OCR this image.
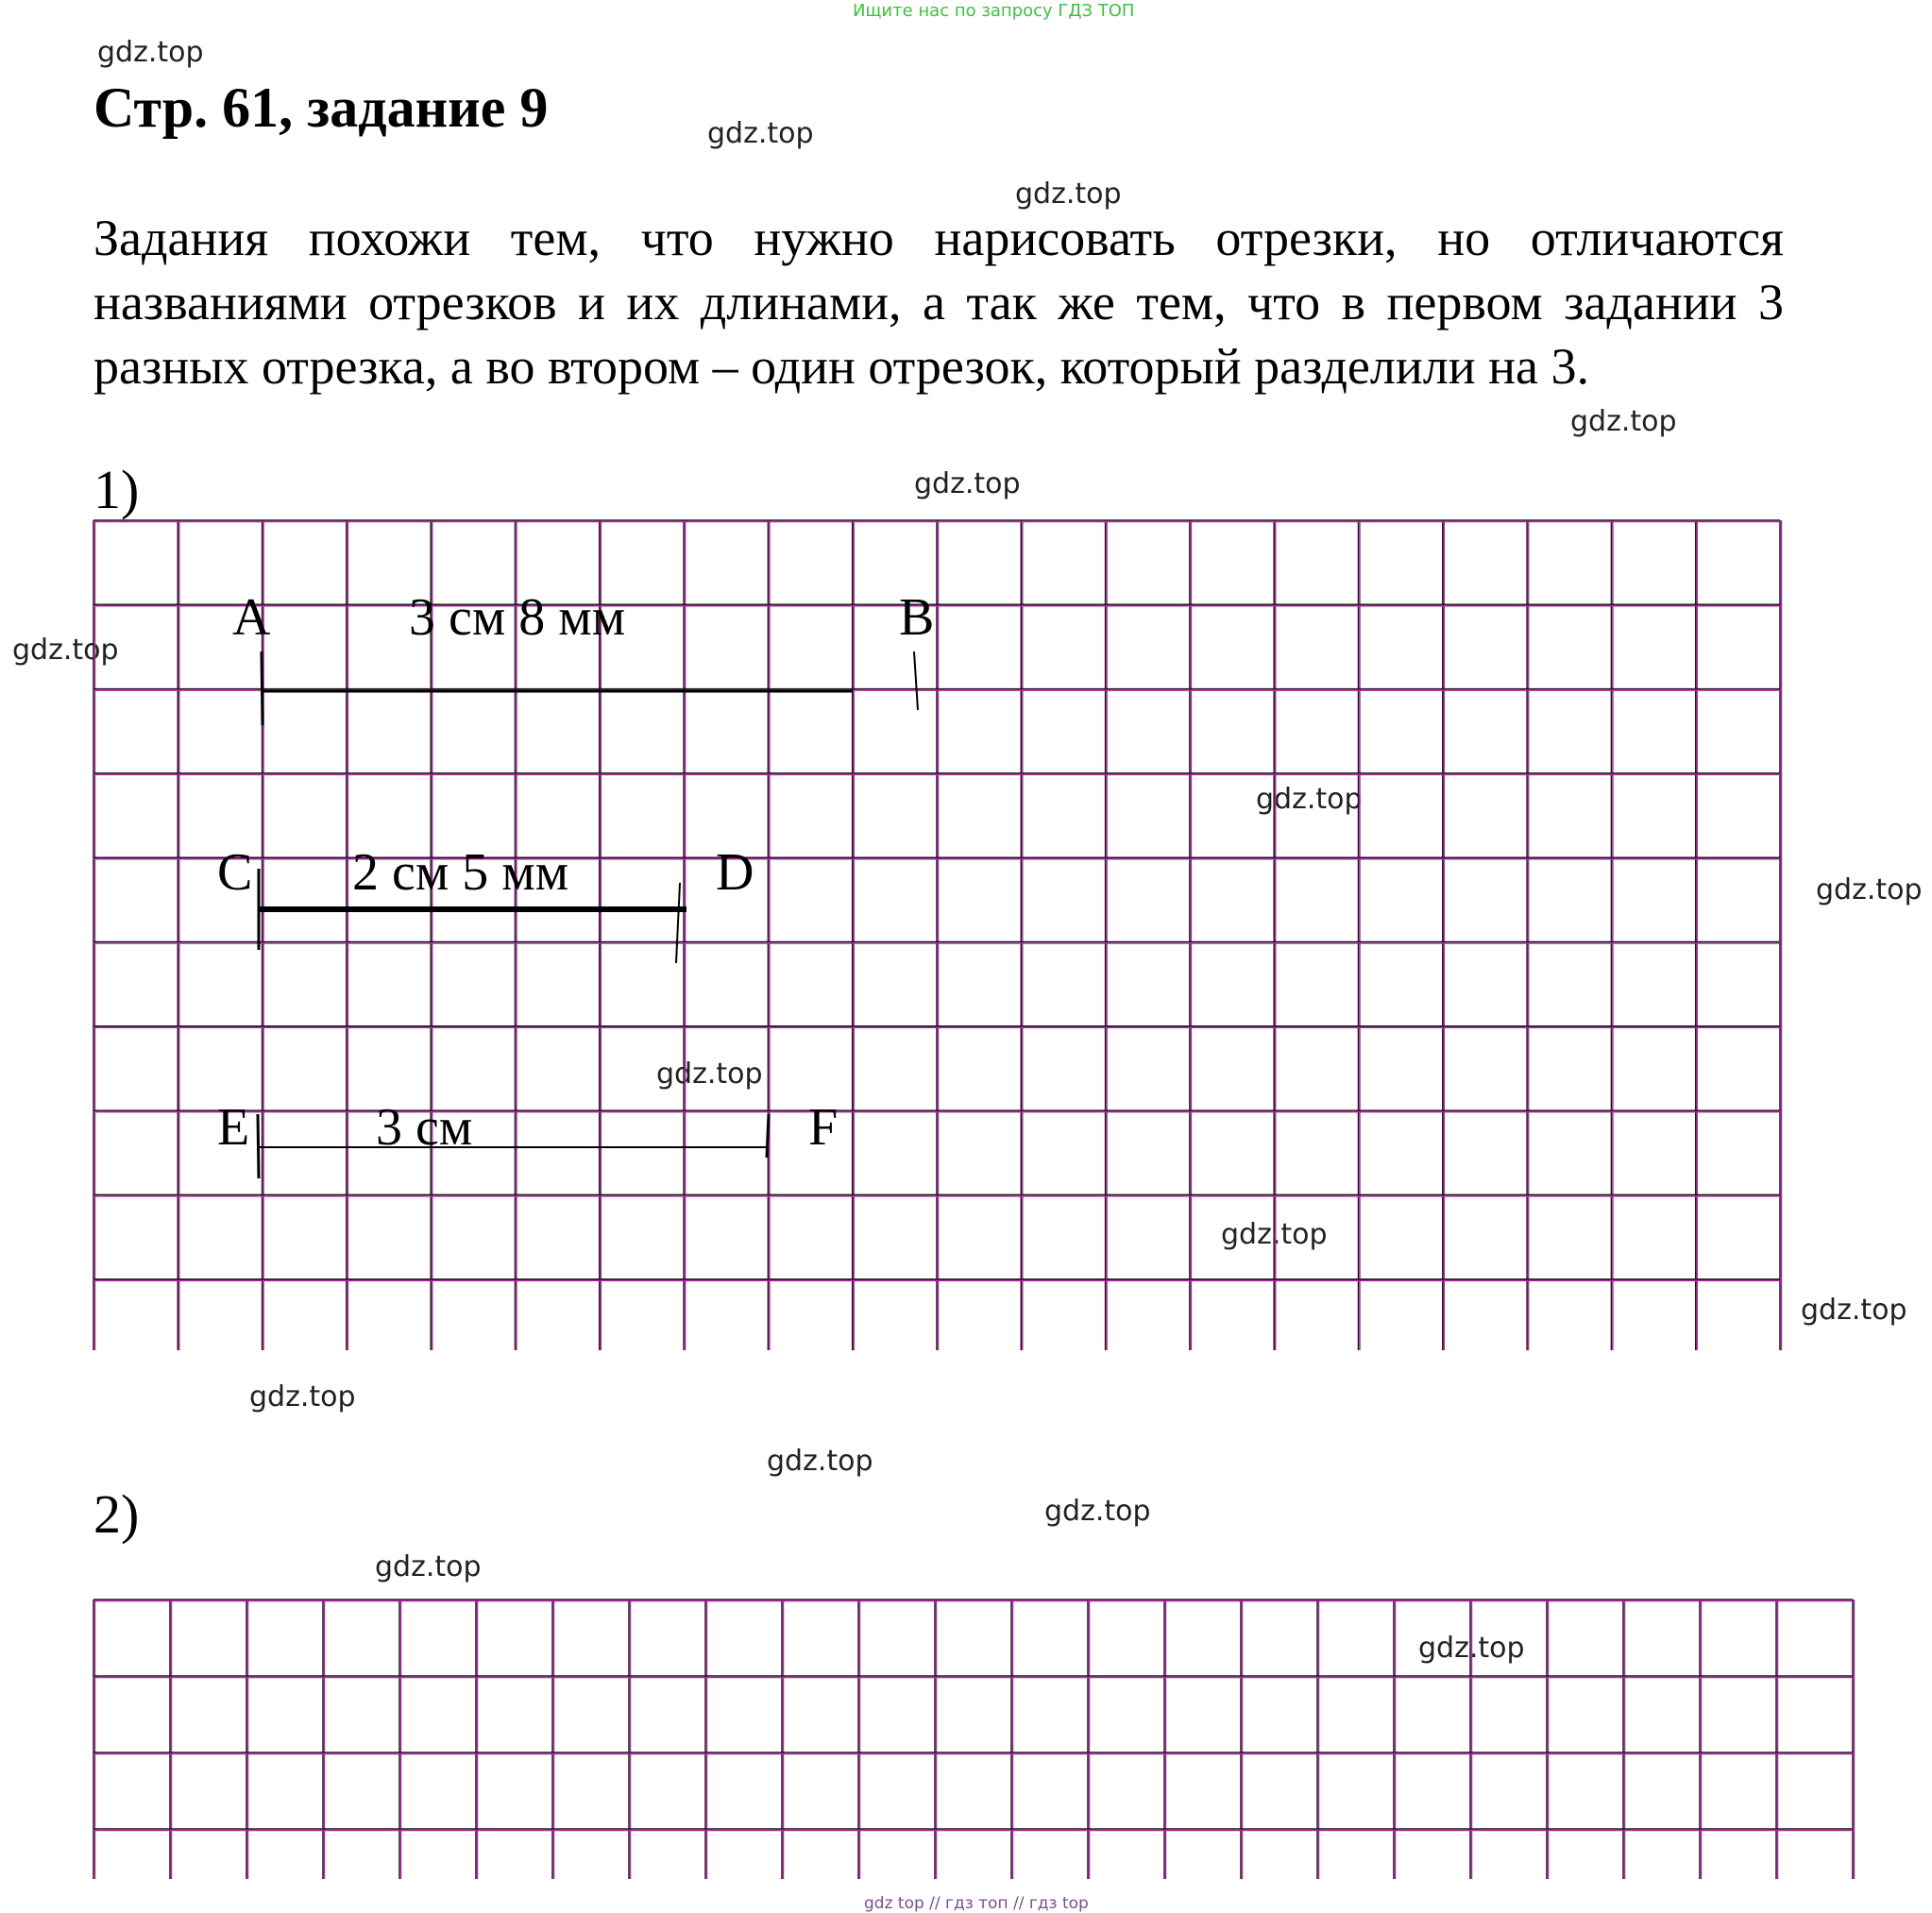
Ищите нас по запросу ГДЗ ТОП
Стр. 61, задание 9
Задания похожи тем, что нужно нарисовать отрезки, но отличаются названиями отрезков и их длинами, а так же тем, что в первом задании 3 разных отрезка, а во втором – один отрезок, который разделили на 3.
1)
2)
gdz.top
gdz.top
gdz.top
gdz.top
gdz.top
gdz.top
gdz.top
gdz.top
gdz.top
gdz.top
gdz.top
gdz.top
gdz.top
gdz.top
gdz.top
gdz.top
gdz top // гдз топ // гдз top
A	3 см 8 мм	B
C 2 см 5 мм	D
E 3 см	F
